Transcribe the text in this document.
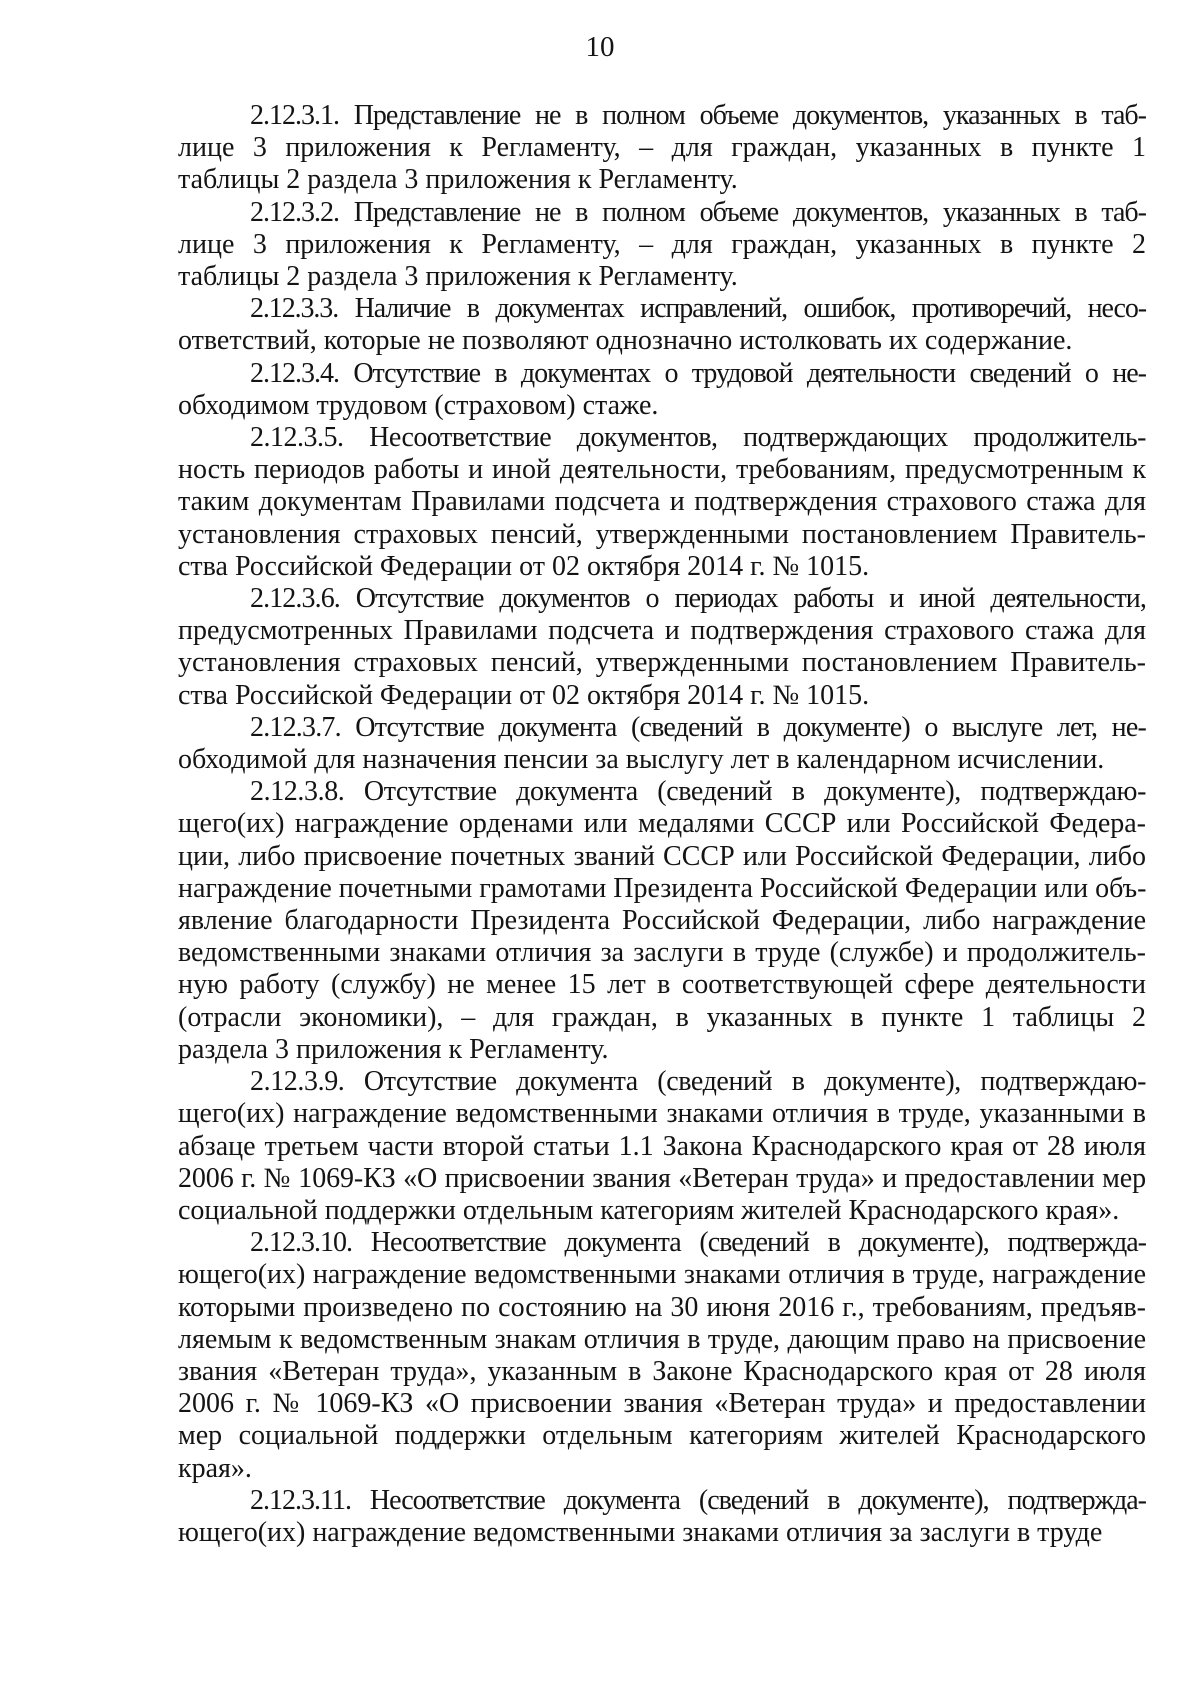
10

2.12.3.1. Представление не в полном объеме документов, указанных в таб-
лице 3 приложения к Регламенту, – для граждан, указанных в пункте 1
таблицы 2 раздела 3 приложения к Регламенту.

2.12.3.2. Представление не в полном объеме документов, указанных в таб-
лице 3 приложения к Регламенту, – для граждан, указанных в пункте 2
таблицы 2 раздела 3 приложения к Регламенту.

2.12.3.3. Наличие в документах исправлений, ошибок, противоречий, несо-
ответствий, которые не позволяют однозначно истолковать их содержание.

2.12.3.4. Отсутствие в документах о трудовой деятельности сведений о не-
обходимом трудовом (страховом) стаже.

2.12.3.5. Несоответствие документов, подтверждающих продолжитель-
ность периодов работы и иной деятельности, требованиям, предусмотренным к
таким документам Правилами подсчета и подтверждения страхового стажа для
установления страховых пенсий, утвержденными постановлением Правитель-
ства Российской Федерации от 02 октября 2014 г. № 1015.

2.12.3.6. Отсутствие документов о периодах работы и иной деятельности,
предусмотренных Правилами подсчета и подтверждения страхового стажа для
установления страховых пенсий, утвержденными постановлением Правитель-
ства Российской Федерации от 02 октября 2014 г. № 1015.

2.12.3.7. Отсутствие документа (сведений в документе) о выслуге лет, не-
обходимой для назначения пенсии за выслугу лет в календарном исчислении.

2.12.3.8. Отсутствие документа (сведений в документе), подтверждаю-
щего(их) награждение орденами или медалями СССР или Российской Федера-
ции, либо присвоение почетных званий СССР или Российской Федерации, либо
награждение почетными грамотами Президента Российской Федерации или объ-
явление благодарности Президента Российской Федерации, либо награждение
ведомственными знаками отличия за заслуги в труде (службе) и продолжитель-
ную работу (службу) не менее 15 лет в соответствующей сфере деятельности
(отрасли экономики), – для граждан, в указанных в пункте 1 таблицы 2
раздела 3 приложения к Регламенту.

2.12.3.9. Отсутствие документа (сведений в документе), подтверждаю-
щего(их) награждение ведомственными знаками отличия в труде, указанными в
абзаце третьем части второй статьи 1.1 Закона Краснодарского края от 28 июля
2006 г. № 1069-КЗ «О присвоении звания «Ветеран труда» и предоставлении мер
социальной поддержки отдельным категориям жителей Краснодарского края».

2.12.3.10. Несоответствие документа (сведений в документе), подтвержда-
ющего(их) награждение ведомственными знаками отличия в труде, награждение
которыми произведено по состоянию на 30 июня 2016 г., требованиям, предъяв-
ляемым к ведомственным знакам отличия в труде, дающим право на присвоение
звания «Ветеран труда», указанным в Законе Краснодарского края от 28 июля
2006 г. № 1069-КЗ «О присвоении звания «Ветеран труда» и предоставлении
мер социальной поддержки отдельным категориям жителей Краснодарского
края».

2.12.3.11. Несоответствие документа (сведений в документе), подтвержда-
ющего(их) награждение ведомственными знаками отличия за заслуги в труде
